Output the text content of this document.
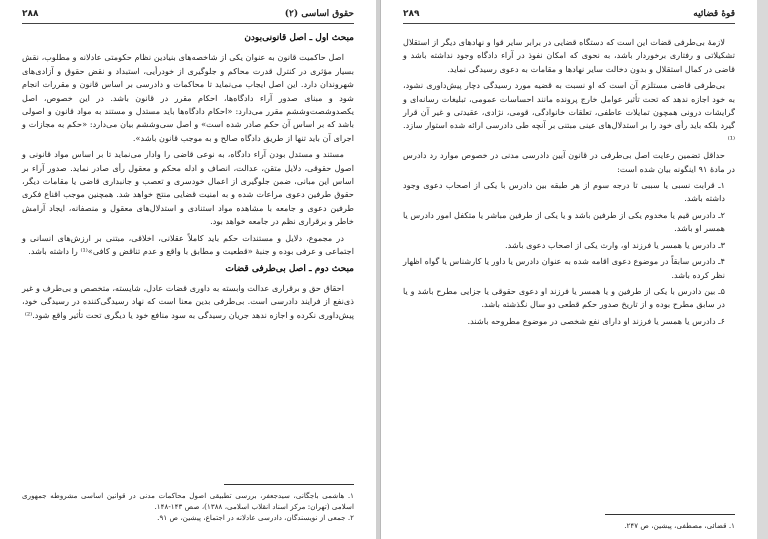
حقوق اساسی (۲)
۲۸۸
مبحث اول ـ اصل قانونی‌بودن

اصل حاکمیت قانون به عنوان یکی از شاخصه‌های بنیادین نظام حکومتی عادلانه و مطلوب، نقش بسیار مؤثری در کنترل قدرت محاکم و جلوگیری از خودرأیی، استبداد و نقض حقوق و آزادی‌های شهروندان دارد. این اصل ایجاب می‌نماید تا محاکمات و دادرسی بر اساس قانون و مقررات انجام شود و مبنای صدور آراء دادگاه‌ها، احکام مقرر در قانون باشد. در این خصوص، اصل یکصدوشصت‌وششم مقرر می‌دارد: «احکام دادگاه‌ها باید مستدل و مستند به مواد قانون و اصولی باشد که بر اساس آن حکم صادر شده است» و اصل سی‌وششم بیان می‌دارد: «حکم به مجازات و اجرای آن باید تنها از طریق دادگاه صالح و به موجب قانون باشد».

مستند و مستدل بودن آراء دادگاه، به نوعی قاضی را وادار می‌نماید تا بر اساس مواد قانونی و اصول حقوقی، دلایل متقن، عدالت، انصاف و ادله محکم و معقول رأی صادر نماید. صدور آراء بر اساس این مبانی، ضمن جلوگیری از اعمال خودسری و تعصب و جانبداری قاضی یا مقامات دیگر، حقوق طرفین دعوی مراعات شده و به امنیت قضایی منتج خواهد شد. همچنین موجب اقناع فکری طرفین دعوی و جامعه با مشاهده مواد استنادی و استدلال‌های معقول و منصفانه، ایجاد آرامش خاطر و برقراری نظم در جامعه خواهد بود.

در مجموع، دلایل و مستندات حکم باید کاملاً عقلانی، اخلاقی، مبتنی بر ارزش‌های انسانی و اجتماعی و عرفی بوده و جنبهٔ «قطعیت و مطابق با واقع و عدم تناقض و کافی»⁽¹⁾ را داشته باشد.

مبحث دوم ـ اصل بی‌طرفی قضات

احقاق حق و برقراری عدالت وابسته به داوری قضات عادل، شایسته، متخصص و بی‌طرف و غیر ذی‌نفع از فرایند دادرسی است. بی‌طرفی بدین معنا است که نهاد رسیدگی‌کننده در رسیدگی خود، پیش‌داوری نکرده و اجازه ندهد جریان رسیدگی به سود منافع خود یا دیگری تحت تأثیر واقع شود.⁽²⁾

۱. هاشمی باجگانی، سیدجعفر، بررسی تطبیقی اصول محاکمات مدنی در قوانین اساسی مشروطه جمهوری اسلامی (تهران: مرکز اسناد انقلاب اسلامی، ۱۳۸۸)، صص ۱۴۳-۱۴۸.

۲. جمعی از نویسندگان، دادرسی عادلانه در اجتماع، پیشین، ص ۹۱.

قوهٔ قضائیه
۲۸۹

لازمهٔ بی‌طرفی قضات این است که دستگاه قضایی در برابر سایر قوا و نهادهای دیگر از استقلال تشکیلاتی و رفتاری برخوردار باشد، به نحوی که امکان نفوذ در آراء دادگاه وجود نداشته باشد و قاضی در کمال استقلال و بدون دخالت سایر نهادها و مقامات به دعوی رسیدگی نماید.

بی‌طرفی قاضی مستلزم آن است که او نسبت به قضیه مورد رسیدگی دچار پیش‌داوری نشود، به خود اجازه ندهد که تحت تأثیر عوامل خارج پرونده مانند احساسات عمومی، تبلیغات رسانه‌ای و گرایشات درونی همچون تمایلات عاطفی، تعلقات خانوادگی، قومی، نژادی، عقیدتی و غیر آن قرار گیرد بلکه باید رأی خود را بر استدلال‌های عینی مبتنی بر آنچه طی دادرسی ارائه شده استوار سازد.⁽¹⁾

حداقل تضمین رعایت اصل بی‌طرفی در قانون آیین دادرسی مدنی در خصوص موارد رد دادرس در مادهٔ ۹۱ اینگونه بیان شده است:

۱ـ قرابت نسبی یا سببی تا درجه سوم از هر طبقه بین دادرس با یکی از اصحاب دعوی وجود داشته باشد.

۲ـ دادرس قیم یا مخدوم یکی از طرفین باشد و یا یکی از طرفین مباشر یا متکفل امور دادرس یا همسر او باشد.

۳ـ دادرس یا همسر یا فرزند او، وارث یکی از اصحاب دعوی باشد.

۴ـ دادرس سابقاً در موضوع دعوی اقامه شده به عنوان دادرس یا داور یا کارشناس یا گواه اظهار نظر کرده باشد.

۵ـ بین دادرس با یکی از طرفین و یا همسر یا فرزند او دعوی حقوقی یا جزایی مطرح باشد و یا در سابق مطرح بوده و از تاریخ صدور حکم قطعی دو سال نگذشته باشد.

۶ـ دادرس یا همسر یا فرزند او دارای نفع شخصی در موضوع مطروحه باشند.

۱. قضائی، مصطفی، پیشین، ص ۲۴۷.
